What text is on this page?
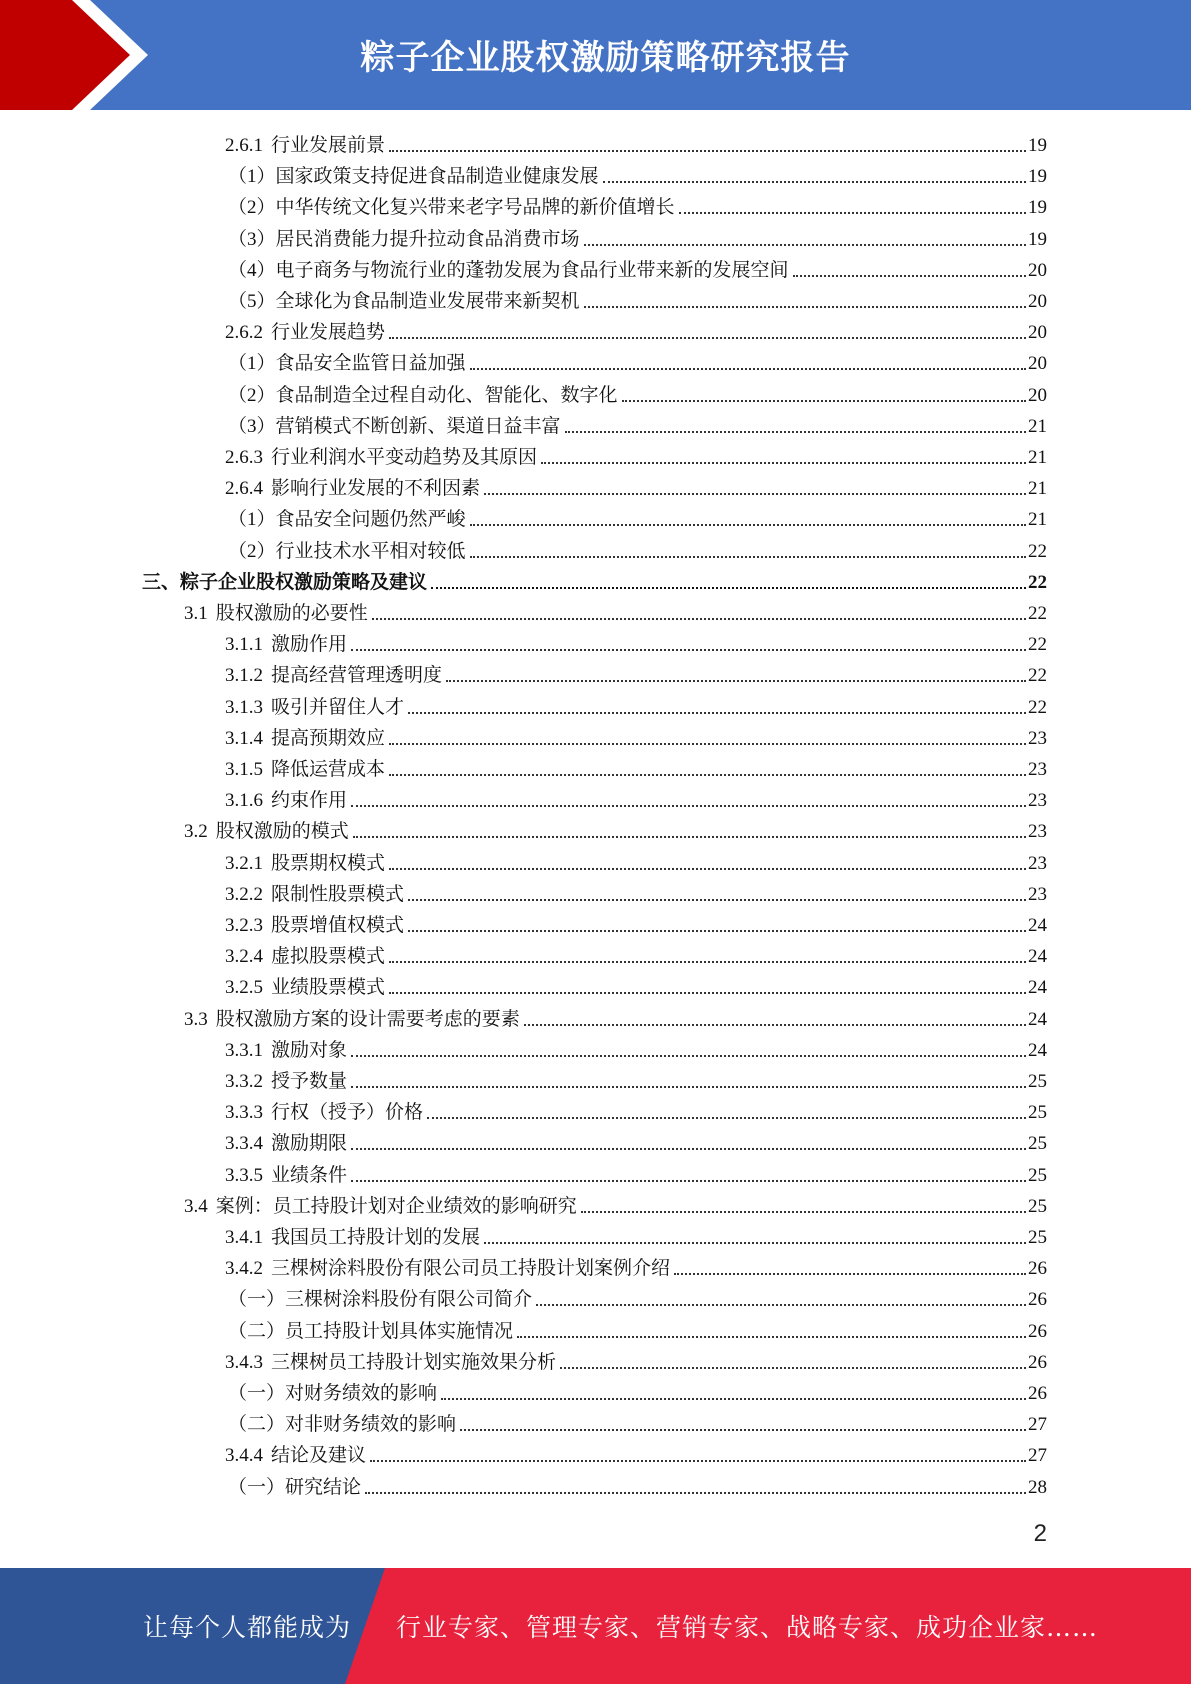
粽子企业股权激励策略研究报告
2.6.1 行业发展前景	19
（1）国家政策支持促进食品制造业健康发展	19
（2）中华传统文化复兴带来老字号品牌的新价值增长	19
（3）居民消费能力提升拉动食品消费市场	19
（4）电子商务与物流行业的蓬勃发展为食品行业带来新的发展空间	20
（5）全球化为食品制造业发展带来新契机	20
2.6.2 行业发展趋势	20
（1）食品安全监管日益加强	20
（2）食品制造全过程自动化、智能化、数字化	20
（3）营销模式不断创新、渠道日益丰富	21
2.6.3 行业利润水平变动趋势及其原因	21
2.6.4 影响行业发展的不利因素	21
（1）食品安全问题仍然严峻	21
（2）行业技术水平相对较低	22
三、粽子企业股权激励策略及建议	22
3.1 股权激励的必要性	22
3.1.1 激励作用	22
3.1.2 提高经营管理透明度	22
3.1.3 吸引并留住人才	22
3.1.4 提高预期效应	23
3.1.5 降低运营成本	23
3.1.6 约束作用	23
3.2 股权激励的模式	23
3.2.1 股票期权模式	23
3.2.2 限制性股票模式	23
3.2.3 股票增值权模式	24
3.2.4 虚拟股票模式	24
3.2.5 业绩股票模式	24
3.3 股权激励方案的设计需要考虑的要素	24
3.3.1 激励对象	24
3.3.2 授予数量	25
3.3.3 行权（授予）价格	25
3.3.4 激励期限	25
3.3.5 业绩条件	25
3.4 案例：员工持股计划对企业绩效的影响研究	25
3.4.1 我国员工持股计划的发展	25
3.4.2 三棵树涂料股份有限公司员工持股计划案例介绍	26
（一）三棵树涂料股份有限公司简介	26
（二）员工持股计划具体实施情况	26
3.4.3 三棵树员工持股计划实施效果分析	26
（一）对财务绩效的影响	26
（二）对非财务绩效的影响	27
3.4.4 结论及建议	27
（一）研究结论	28
2
让每个人都能成为 行业专家、管理专家、营销专家、战略专家、成功企业家……
